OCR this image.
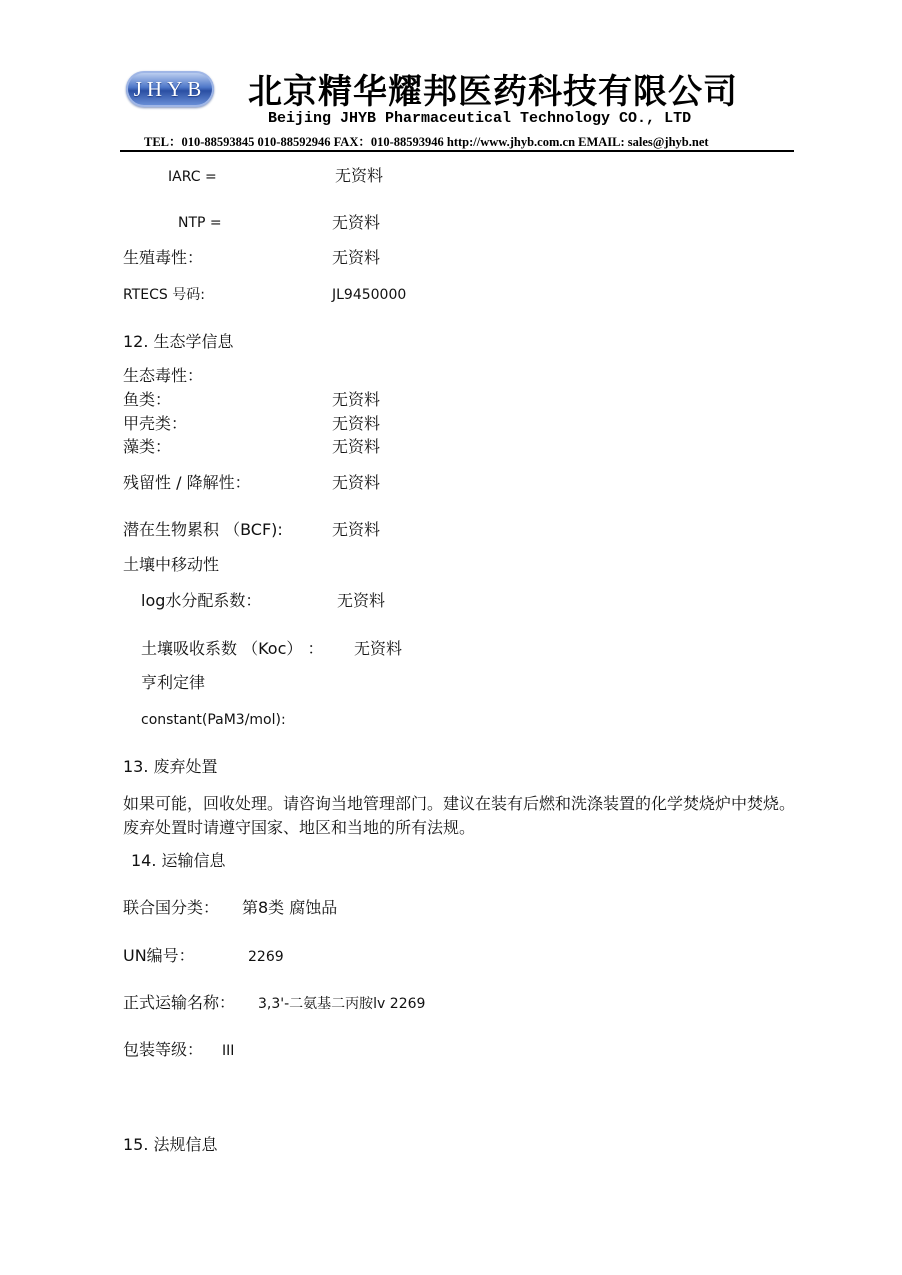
JHYB 北京精华耀邦医药科技有限公司

Beijing JHYB Pharmaceutical Technology CO., LTD

TEL：010-88593845 010-88592946 FAX：010-88593946 http://www.jhyb.com.cn EMAIL: sales@jhyb.net

IARC =	无资料

NTP =	无资料

生殖毒性：	无资料

RTECS 号码:	JL9450000

12. 生态学信息

生态毒性：

鱼类：	无资料

甲壳类：	无资料

藻类：	无资料

残留性 / 降解性：	无资料

潜在生物累积 （BCF):	无资料

土壤中移动性

log水分配系数：	无资料

土壤吸收系数 （Koc） ： 无资料

亨利定律

constant(PaM3/mol):

13. 废弃处置

如果可能，回收处理。请咨询当地管理部门。建议在装有后燃和洗涤装置的化学焚烧炉中焚烧。废弃处置时请遵守国家、地区和当地的所有法规。

14. 运输信息

联合国分类： 第8类 腐蚀品

UN编号：	2269

正式运输名称： 3,3'-二氨基二丙胺lv 2269

包装等级： III

15. 法规信息
